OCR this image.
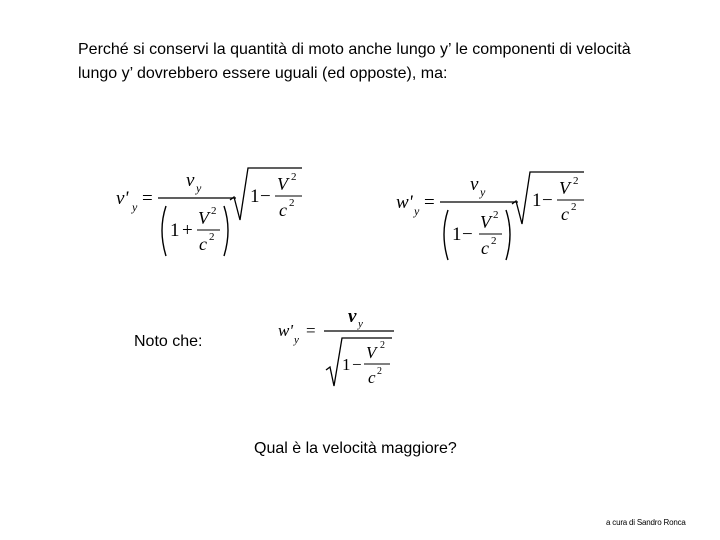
Perché si conservi la quantità di moto anche lungo y’ le componenti di velocità
lungo y’ dovrebbero essere uguali (ed opposte), ma:

v' y =
v y
1 +
V 2
c 2
1 −
V 2
c 2	w' y =
v y
1 −
V 2
c 2
1 −
V 2
c 2
Noto che:
w' y =
v y
1 −
V 2
c 2
Qual è la velocità maggiore?
a cura di Sandro Ronca
